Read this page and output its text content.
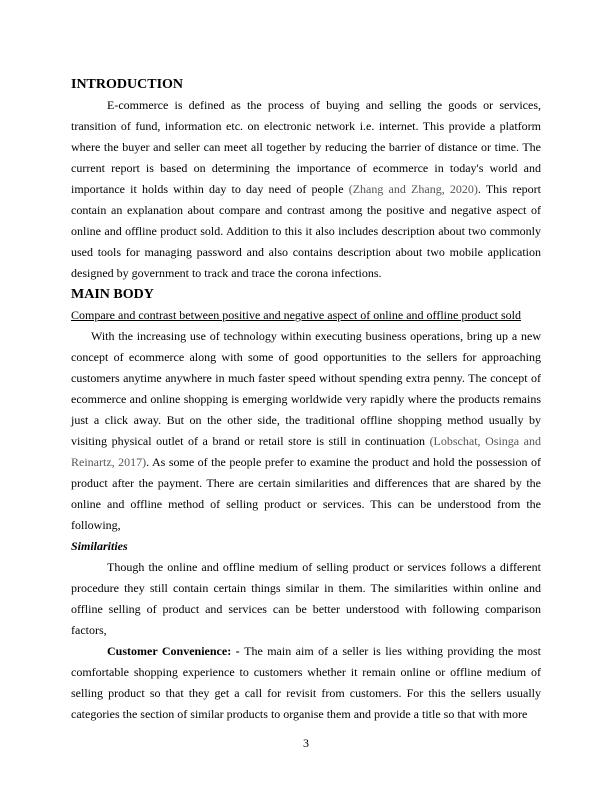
INTRODUCTION

E-commerce is defined as the process of buying and selling the goods or services, transition of fund, information etc. on electronic network i.e. internet. This provide a platform where the buyer and seller can meet all together by reducing the barrier of distance or time. The current report is based on determining the importance of ecommerce in today's world and importance it holds within day to day need of people (Zhang and Zhang, 2020). This report contain an explanation about compare and contrast among the positive and negative aspect of online and offline product sold. Addition to this it also includes description about two commonly used tools for managing password and also contains description about two mobile application designed by government to track and trace the corona infections.

MAIN BODY

Compare and contrast between positive and negative aspect of online and offline product sold

With the increasing use of technology within executing business operations, bring up a new concept of ecommerce along with some of good opportunities to the sellers for approaching customers anytime anywhere in much faster speed without spending extra penny. The concept of ecommerce and online shopping is emerging worldwide very rapidly where the products remains just a click away. But on the other side, the traditional offline shopping method usually by visiting physical outlet of a brand or retail store is still in continuation (Lobschat, Osinga and Reinartz, 2017). As some of the people prefer to examine the product and hold the possession of product after the payment. There are certain similarities and differences that are shared by the online and offline method of selling product or services. This can be understood from the following,

Similarities

Though the online and offline medium of selling product or services follows a different procedure they still contain certain things similar in them. The similarities within online and offline selling of product and services can be better understood with following comparison factors,

Customer Convenience: - The main aim of a seller is lies withing providing the most comfortable shopping experience to customers whether it remain online or offline medium of selling product so that they get a call for revisit from customers. For this the sellers usually categories the section of similar products to organise them and provide a title so that with more

3
